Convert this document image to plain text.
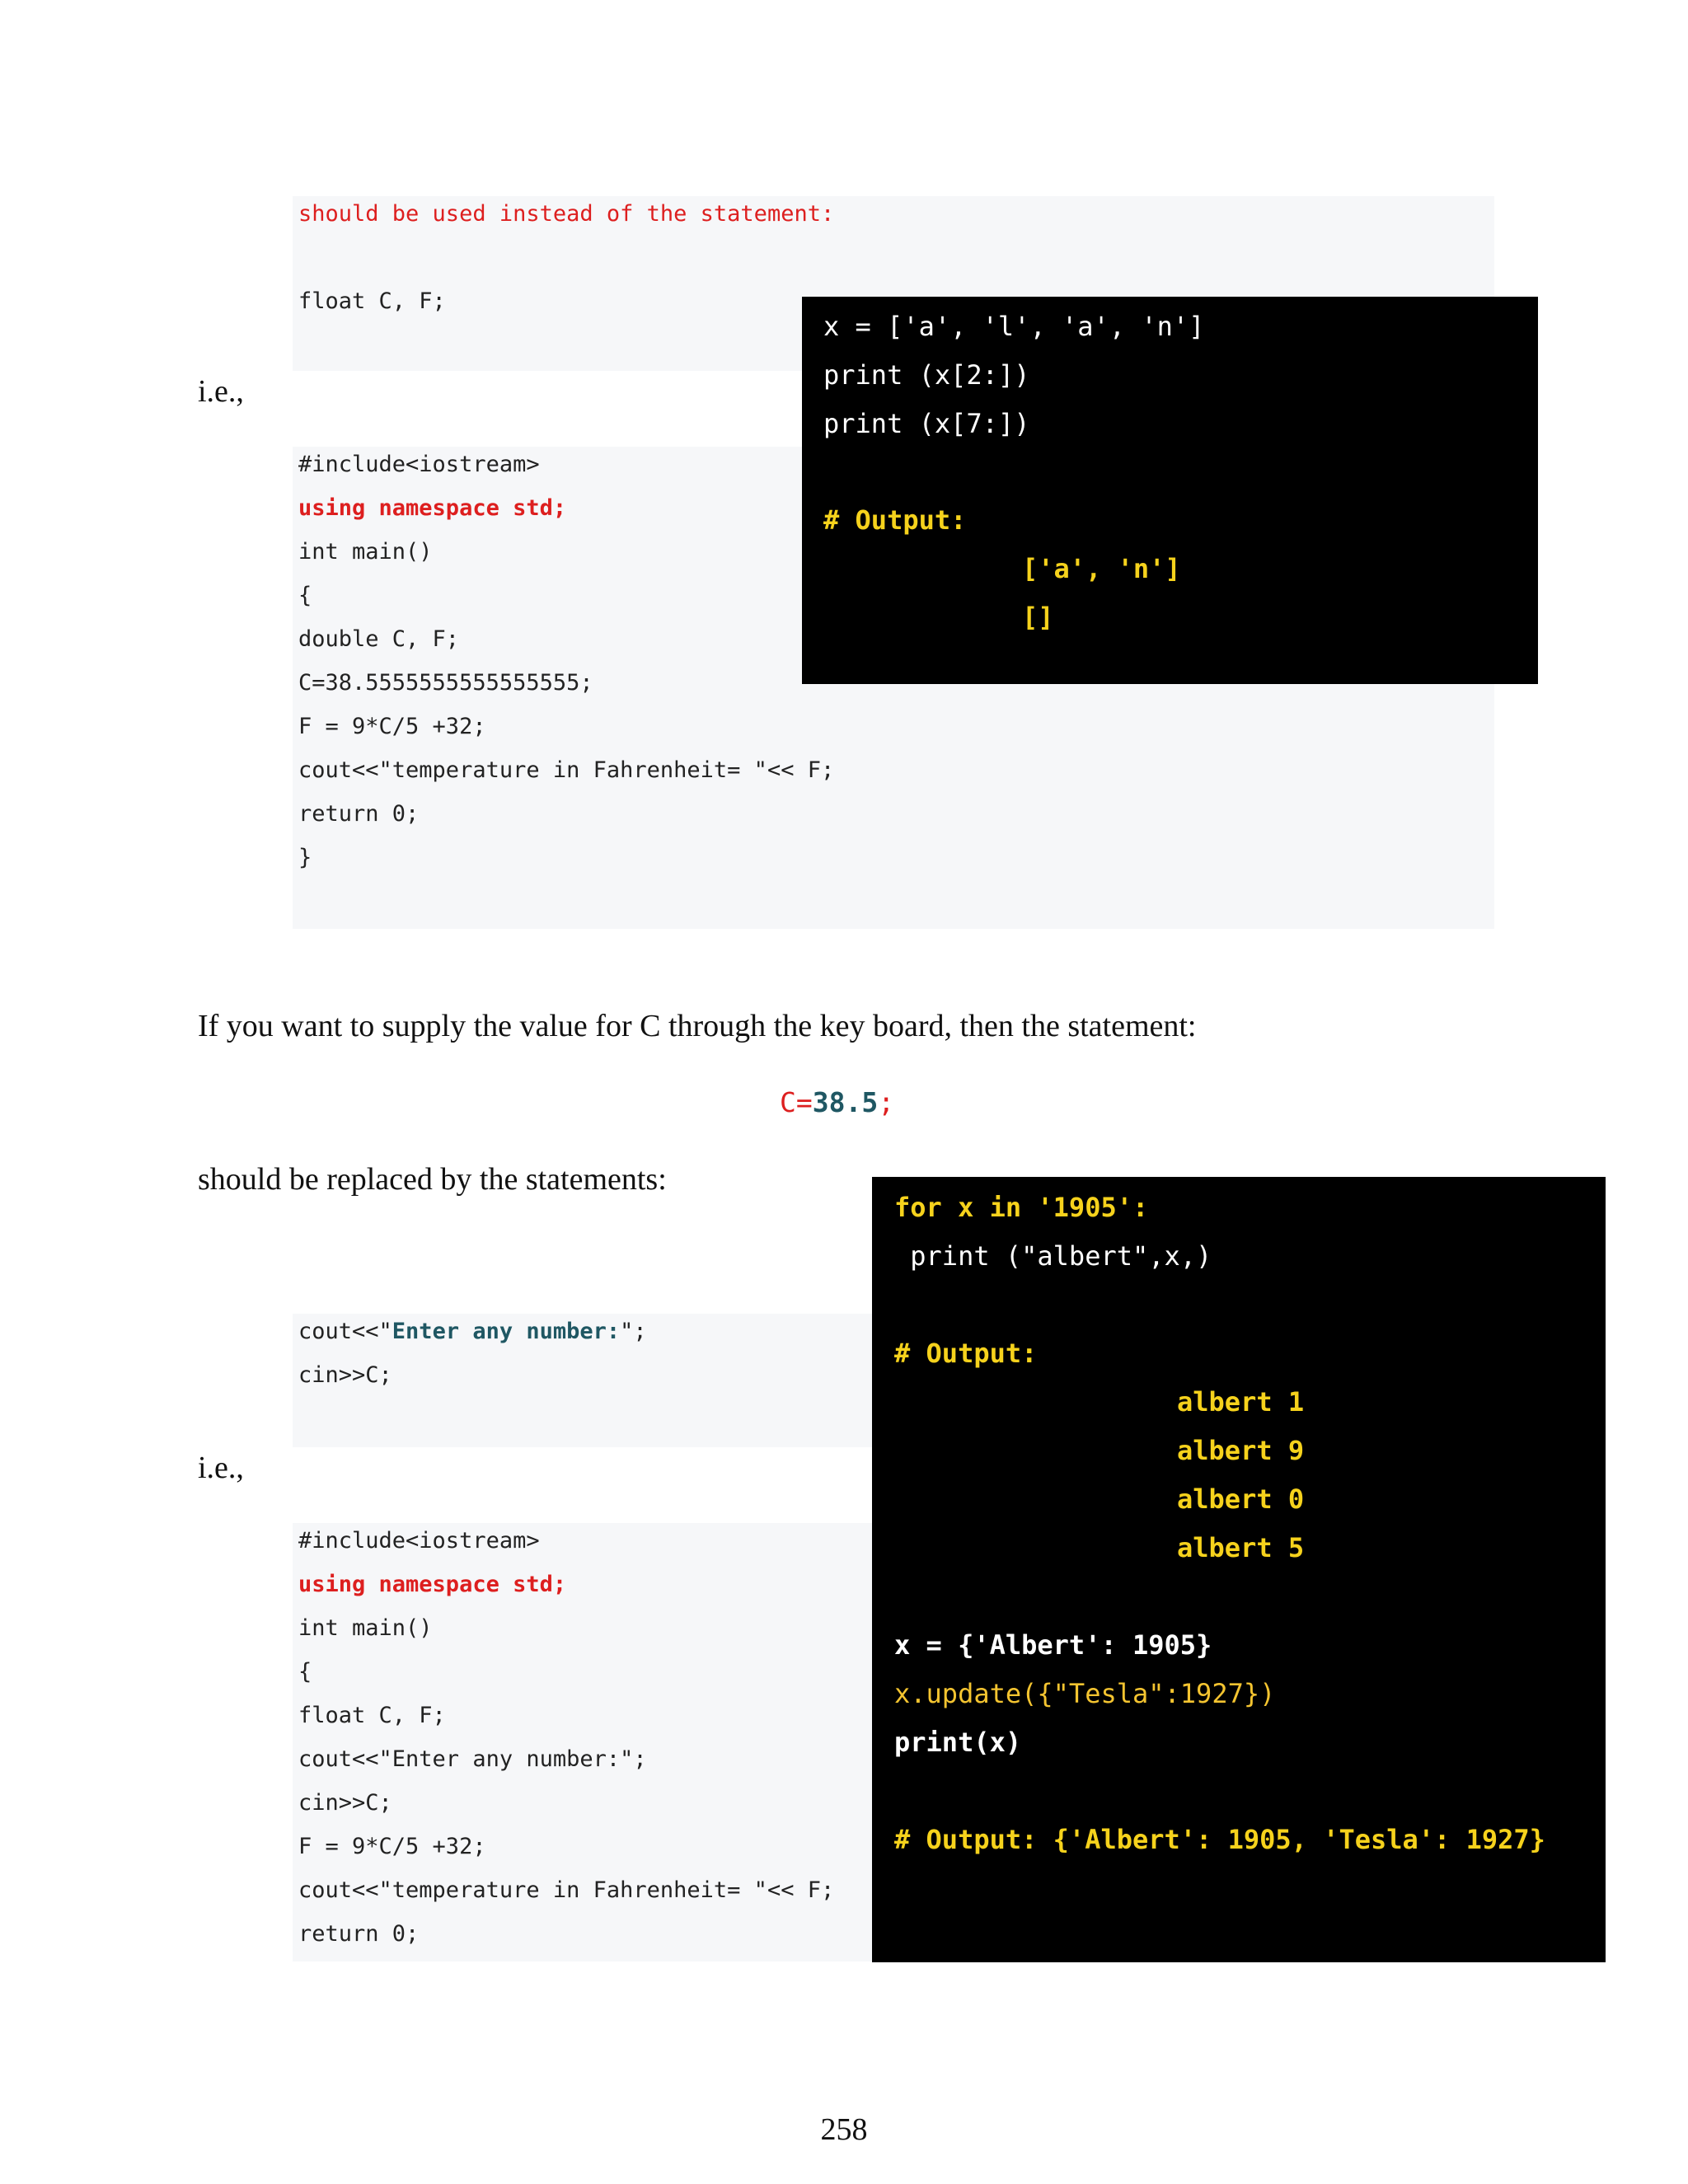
should be used instead of the statement:

float C, F;

i.e.,

#include<iostream>

using namespace std;

int main()

{

double C, F;

C=38.5555555555555555;

F = 9*C/5 +32;

cout<<"temperature in Fahrenheit= "<< F;

return 0;

}

x = ['a', 'l', 'a', 'n']

print (x[2:])

print (x[7:])

# Output:

['a', 'n']

[]

If you want to supply the value for C through the key board, then the statement:

C=38.5;

should be replaced by the statements:

cout<<"Enter any number:";

cin>>C;

i.e.,

#include<iostream>

using namespace std;

int main()

{

float C, F;

cout<<"Enter any number:";

cin>>C;

F = 9*C/5 +32;

cout<<"temperature in Fahrenheit= "<< F;

return 0;

for x in '1905':

print ("albert",x,)

# Output:

albert 1

albert 9

albert 0

albert 5

x = {'Albert': 1905}

x.update({"Tesla":1927})

print(x)

# Output: {'Albert': 1905, 'Tesla': 1927}

258
